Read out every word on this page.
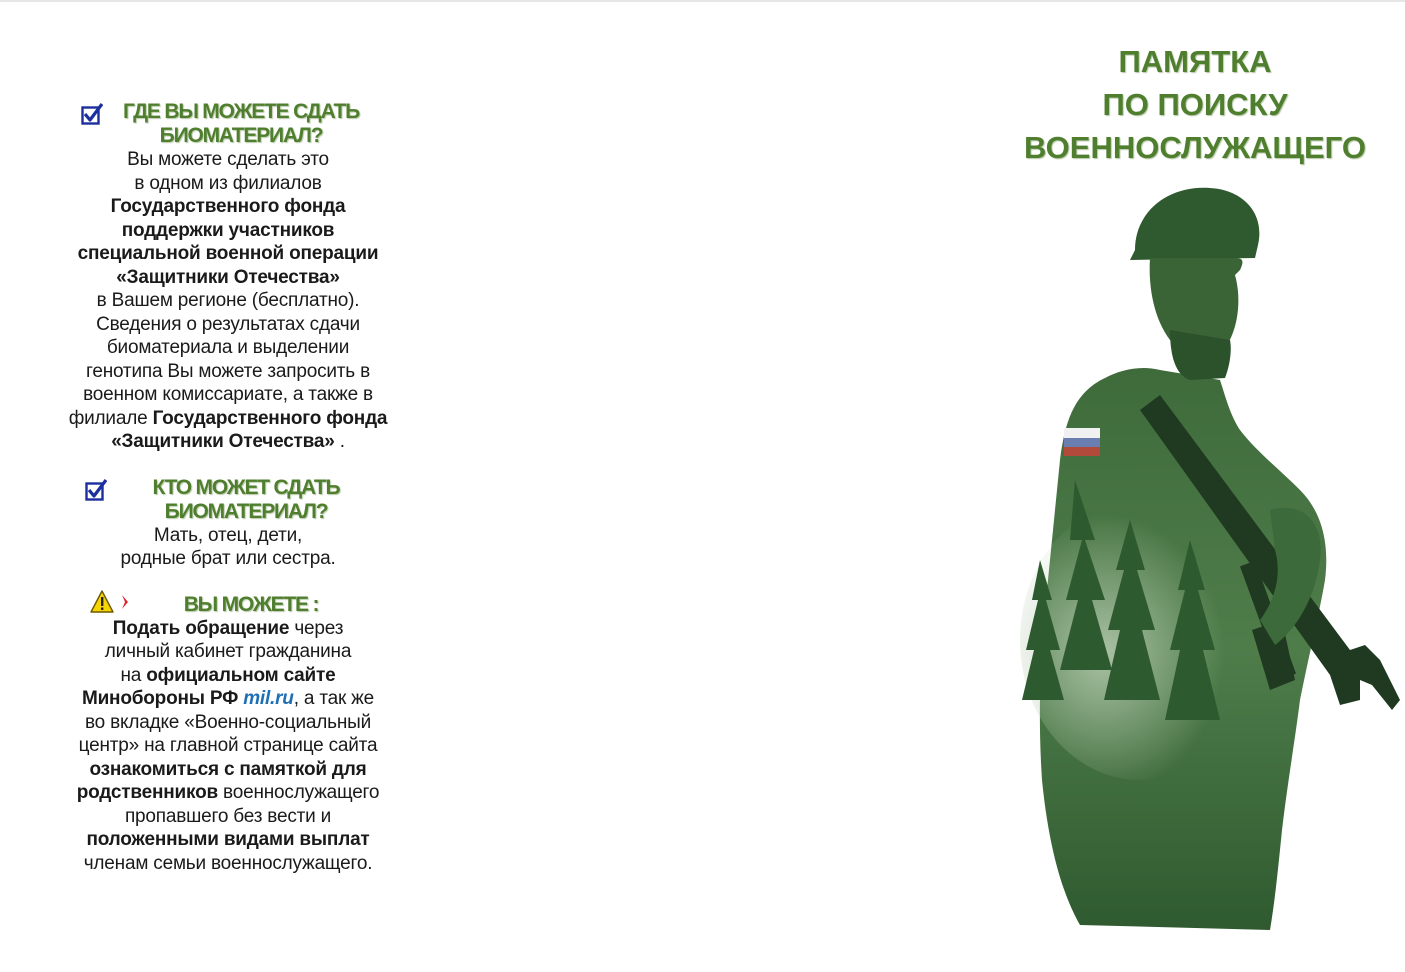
ГДЕ ВЫ МОЖЕТЕ СДАТЬ
БИОМАТЕРИАЛ?
Вы можете сделать это
в одном из филиалов
Государственного фонда
поддержки участников
специальной военной операции
«Защитники Отечества»
в Вашем регионе (бесплатно).
Сведения о результатах сдачи
биоматериала и выделении
генотипа Вы можете запросить в
военном комиссариате, а также в
филиале Государственного фонда
«Защитники Отечества» .
КТО МОЖЕТ СДАТЬ
БИОМАТЕРИАЛ?
Мать, отец, дети,
родные брат или сестра.
ВЫ МОЖЕТЕ :
Подать обращение через
личный кабинет гражданина
на официальном сайте
Минобороны РФ mil.ru, а так же
во вкладке «Военно-социальный
центр» на главной странице сайта
ознакомиться с памяткой для
родственников военнослужащего
пропавшего без вести и
положенными видами выплат
членам семьи военнослужащего.
ПАМЯТКА
ПО ПОИСКУ
ВОЕННОСЛУЖАЩЕГО
